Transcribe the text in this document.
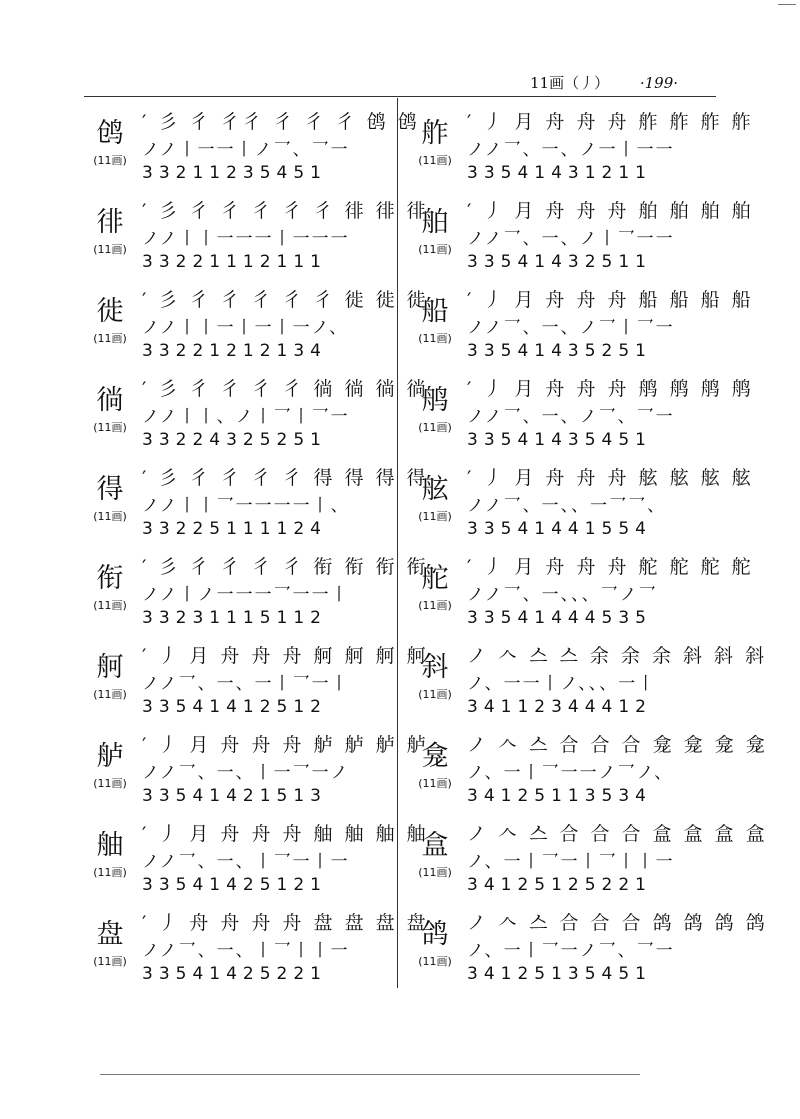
11画（丿） ·199·
鸧
(11画)
′ 彡 彳 彳彳 彳 彳 彳 鸧 鸧
ノノ丨一一丨ノ乛、乛一
33211235451
徘
(11画)
′ 彡 彳 彳 彳 彳 彳 徘 徘 徘
ノノ丨丨一一一丨一一一
33221112111
徙
(11画)
′ 彡 彳 彳 彳 彳 彳 徙 徙 徙
ノノ丨丨一丨一丨一ノ、
33221212134
徜
(11画)
′ 彡 彳 彳 彳 彳 徜 徜 徜 徜
ノノ丨丨、ノ丨乛丨乛一
33224325251
得
(11画)
′ 彡 彳 彳 彳 彳 得 得 得 得
ノノ丨丨乛一一一一丨、
33225111124
衔
(11画)
′ 彡 彳 彳 彳 彳 衔 衔 衔 衔
ノノ丨ノ一一一乛一一丨
33231115112
舸
(11画)
′ 丿 月 舟 舟 舟 舸 舸 舸 舸
ノノ乛、一、一丨乛一丨
33541412512
舻
(11画)
′ 丿 月 舟 舟 舟 舻 舻 舻 舻
ノノ乛、一、丨一乛一ノ
33541421513
舳
(11画)
′ 丿 月 舟 舟 舟 舳 舳 舳 舳
ノノ乛、一、丨乛一丨一
33541425121
盘
(11画)
′ 丿 舟 舟 舟 舟 盘 盘 盘 盘
ノノ乛、一、丨乛丨丨一
33541425221
舴
(11画)
′ 丿 月 舟 舟 舟 舴 舴 舴 舴
ノノ乛、一、ノ一丨一一
33541431211
舶
(11画)
′ 丿 月 舟 舟 舟 舶 舶 舶 舶
ノノ乛、一、ノ丨乛一一
33541432511
船
(11画)
′ 丿 月 舟 舟 舟 船 船 船 船
ノノ乛、一、ノ乛丨乛一
33541435251
鸼
(11画)
′ 丿 月 舟 舟 舟 鸼 鸼 鸼 鸼
ノノ乛、一、ノ乛、乛一
33541435451
舷
(11画)
′ 丿 月 舟 舟 舟 舷 舷 舷 舷
ノノ乛、一、、一乛乛、
33541441554
舵
(11画)
′ 丿 月 舟 舟 舟 舵 舵 舵 舵
ノノ乛、一、、、乛ノ乛
33541444535
斜
(11画)
ノ 𠆢 스 스 余 余 余 斜 斜 斜
ノ、一一丨ノ、、、一丨
34112344412
龛
(11画)
ノ 𠆢 스 合 合 合 龛 龛 龛 龛
ノ、一丨乛一一ノ乛ノ、
34125113534
盒
(11画)
ノ 𠆢 스 合 合 合 盒 盒 盒 盒
ノ、一丨乛一丨乛丨丨一
34125125221
鸽
(11画)
ノ 𠆢 스 合 合 合 鸽 鸽 鸽 鸽
ノ、一丨乛一ノ乛、乛一
34125135451
